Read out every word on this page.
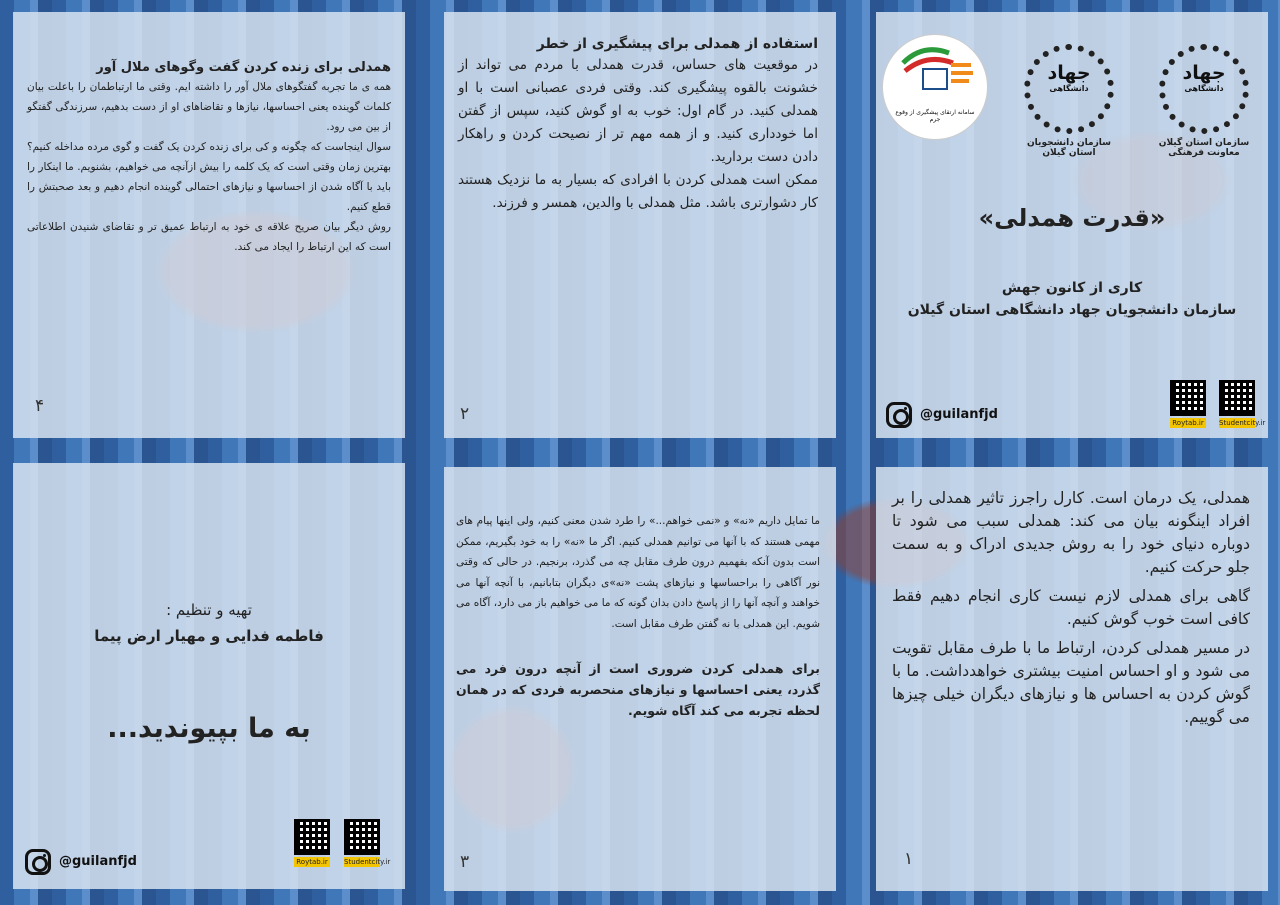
همدلی برای زنده کردن گفت وگوهای ملال آور

همه ی ما تجربه گفتگوهای ملال آور را داشته ایم. وقتی ما ارتباطمان را باعلت بیان کلمات گوینده یعنی احساسها، نیازها و تقاضاهای او از دست بدهیم، سرزندگی گفتگو از بین می رود.

سوال اینجاست که چگونه و کی برای زنده کردن یک گفت و گوی مرده مداخله کنیم؟ بهترین زمان وقتی است که یک کلمه را بیش ازآنچه می خواهیم، بشنویم. ما اینکار را باید با آگاه شدن از احساسها و نیازهای احتمالی گوینده انجام دهیم و بعد صحبتش را قطع کنیم.

روش دیگر بیان صریح علاقه ی خود به ارتباط عمیق تر و تقاضای شنیدن اطلاعاتی است که این ارتباط را ایجاد می کند.

۴

استفاده از همدلی برای پیشگیری از خطر

در موقعیت های حساس، قدرت همدلی با مردم می تواند از خشونت بالقوه پیشگیری کند. وقتی فردی عصبانی است با او همدلی کنید. در گام اول: خوب به او گوش کنید، سپس از گفتن اما خودداری کنید. و از همه مهم تر از نصیحت کردن و راهکار دادن دست بردارید.

ممکن است همدلی کردن با افرادی که بسیار به ما نزدیک هستند کار دشوارتری باشد. مثل همدلی با والدین، همسر و فرزند.

۲
جهاد
دانشگاهی
سازمان استان گیلان معاونت فرهنگی
جهاد
دانشگاهی
سازمان دانشجویان استان گیلان
سامانه ارتقای پیشگیری از وقوع جرم
«قدرت همدلی»
کاری از کانون جهش
سازمان دانشجویان جهاد دانشگاهی استان گیلان
Roytab.ir	Studentcity.ir
@guilanfjd
تهیه و تنظیم :
فاطمه فدایی و مهیار ارض پیما
به ما بپیوندید...
Roytab.ir	Studentcity.ir
@guilanfjd

ما تمایل داریم «نه» و «نمی خواهم...» را طرد شدن معنی کنیم، ولی اینها پیام های مهمی هستند که با آنها می توانیم همدلی کنیم. اگر ما «نه» را به خود بگیریم، ممکن است بدون آنکه بفهمیم درون طرف مقابل چه می گذرد، برنجیم. در حالی که وقتی نور آگاهی را براحساسها و نیازهای پشت «نه»ی دیگران بتابانیم، با آنچه آنها می خواهند و آنچه آنها را از پاسخ دادن بدان گونه که ما می خواهیم باز می دارد، آگاه می شویم. این همدلی با نه گفتن طرف مقابل است.

برای همدلی کردن ضروری است از آنچه درون فرد می گذرد، یعنی احساسها و نیازهای منحصربه فردی که در همان لحظه تجربه می کند آگاه شویم.

۳

همدلی، یک درمان است. کارل راجرز تاثیر همدلی را بر افراد اینگونه بیان می کند: همدلی سبب می شود تا دوباره دنیای خود را به روش جدیدی ادراک و به سمت جلو حرکت کنیم.

گاهی برای همدلی لازم نیست کاری انجام دهیم فقط کافی است خوب گوش کنیم.

در مسیر همدلی کردن، ارتباط ما با طرف مقابل تقویت می شود و او احساس امنیت بیشتری خواهدداشت. ما با گوش کردن به احساس ها و نیازهای دیگران خیلی چیزها می گوییم.

۱
